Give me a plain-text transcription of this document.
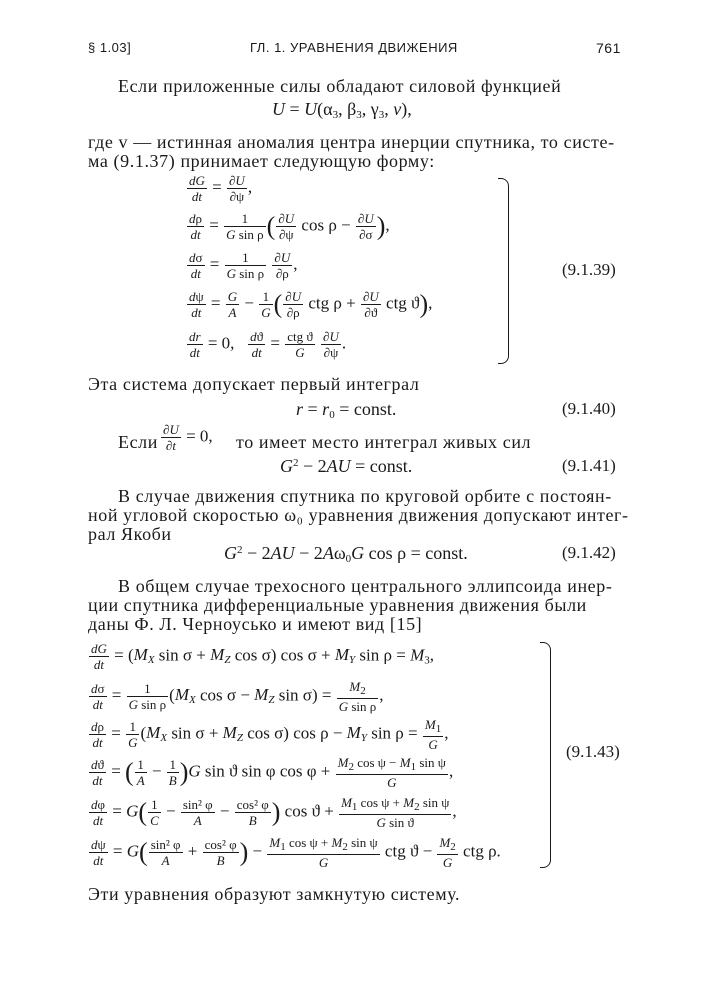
§ 1.03]	ГЛ. 1. УРАВНЕНИЯ ДВИЖЕНИЯ	761
Если приложенные силы обладают силовой функцией
$U = U(\alpha_3$, $\beta_3$, $\gamma_3$, v),
где v — истинная аномалия центра инерции спутника, то систе-
ма (9.1.37) принимает следующую форму:
$\frac{dG}{dt} = \frac{\partial U}{\partial\psi}$ ,
$\frac{d\rho}{dt} = \frac{1}{\text{G sin ρ}}$ ( $\frac{\partial U}{\partial\psi}$ $\cos \rho - \frac{\partial U}{\partial\sigma}$ ),
$\frac{d\sigma}{dt} = \frac{1}{\text{G sin ρ}}$
$\frac{\partial U}{\partial\rho}$ ,
$\frac{d\psi}{dt} = \frac{G}{A} - \frac{1}{G}$ ( $\frac{\partial U}{\partial\rho}$ ctg $\rho + \frac{\partial U}{\partial ϑ}$ ctg ϑ),
$\frac{dr}{dt} = 0$, $\frac{dϑ}{dt} = \frac{\text{ctg ϑ}}{G}$
$\frac{\partial U}{\partial\psi}$ .
(9.1.39)
Эта система допускает первый интеграл
$r = r_0$ = const.	(9.1.40)
Если $\frac{\partial U}{\partial t} = 0$, то имеет место интеграл живых сил
$G^2 - 2AU$ = const.	(9.1.41)
В случае движения спутника по круговой орбите с постоян-
ной угловой скоростью ω₀ уравнения движения допускают интег-
рал Якоби
$G^2 - 2AU - 2A\omega_0G$ cos ρ = const.	(9.1.42)
В общем случае трехосного центрального эллипсоида инер-
ции спутника дифференциальные уравнения движения были
даны Ф. Л. Черноусько и имеют вид [15]
$\frac{dG}{dt} = (M_X$ $\sin \sigma + M_Z$ cos σ) $\cos \sigma + M_Y$ $\sin \rho = M_3$,
$\frac{d\sigma}{dt} = \frac{1}{\text{G sin ρ}} (M_X$ $\cos \sigma - M_Z$ $\sin \sigma) = \frac{M_2}{\text{G sin ρ}}$ ,
$\frac{d\rho}{dt} = \frac{1}{G} (M_X$ $\sin \sigma + M_Z$ cos σ) $\cos \rho - M_Y$ $\sin \rho = \frac{M_1}{G}$ ,
$\frac{dϑ}{dt}$ = ( $\frac{1}{A} - \frac{1}{B} )G$ sin ϑ sin φ $\cos \varphi + \frac{M_2 \cos \psi - M_1 \sin \psi}{G}$ ,
$\frac{d\varphi}{dt} = G( \frac{1}{C} - \frac{\text{sin² φ}}{A} - \frac{\text{cos² φ}}{B}$ ) $\cos ϑ + \frac{M_1 \cos \psi + M_2 \sin \psi}{\text{G sin ϑ}}$ ,
$\frac{d\psi}{dt} = G( \frac{\text{sin² φ}}{A} + \frac{\text{cos² φ}}{B}$ ) − $\frac{M_1 \cos \psi + M_2 \sin \psi}{G}$ ctg $ϑ - \frac{M_2}{G}$ ctg ρ.
(9.1.43)
Эти уравнения образуют замкнутую систему.
